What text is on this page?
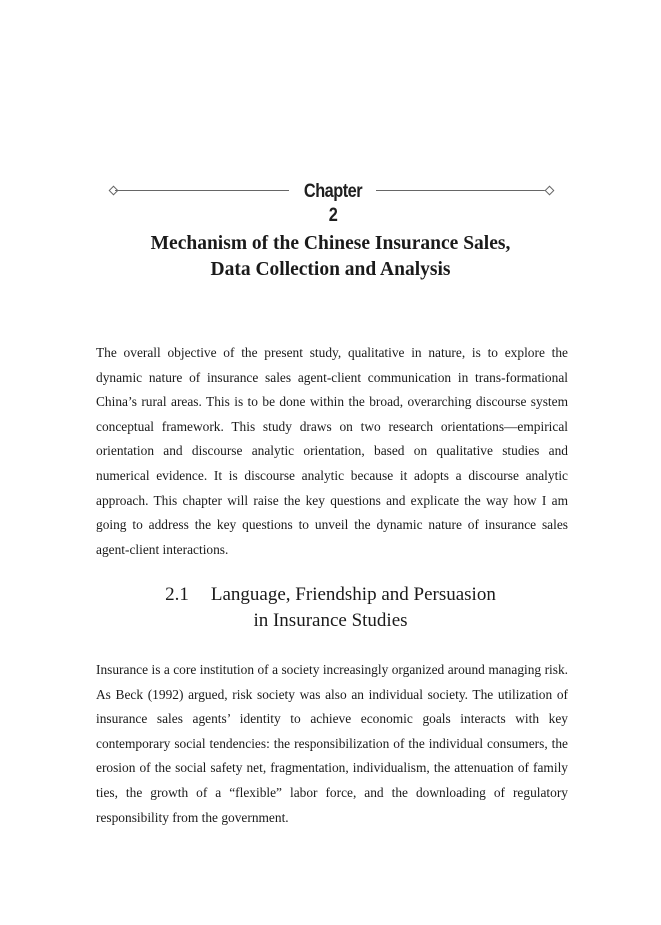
Chapter 2
Mechanism of the Chinese Insurance Sales,
Data Collection and Analysis

The overall objective of the present study, qualitative in nature, is to explore the dynamic nature of insurance sales agent-client communication in trans-formational China’s rural areas. This is to be done within the broad, overarching discourse system conceptual framework. This study draws on two research orientations—empirical orientation and discourse analytic orientation, based on qualitative studies and numerical evidence. It is discourse analytic because it adopts a discourse analytic approach. This chapter will raise the key questions and explicate the way how I am going to address the key questions to unveil the dynamic nature of insurance sales agent-client interactions.

2.1 Language, Friendship and Persuasion
in Insurance Studies

Insurance is a core institution of a society increasingly organized around managing risk. As Beck (1992) argued, risk society was also an individual society. The utilization of insurance sales agents’ identity to achieve economic goals interacts with key contemporary social tendencies: the responsibilization of the individual consumers, the erosion of the social safety net, fragmentation, individualism, the attenuation of family ties, the growth of a “flexible” labor force, and the downloading of regulatory responsibility from the government.
